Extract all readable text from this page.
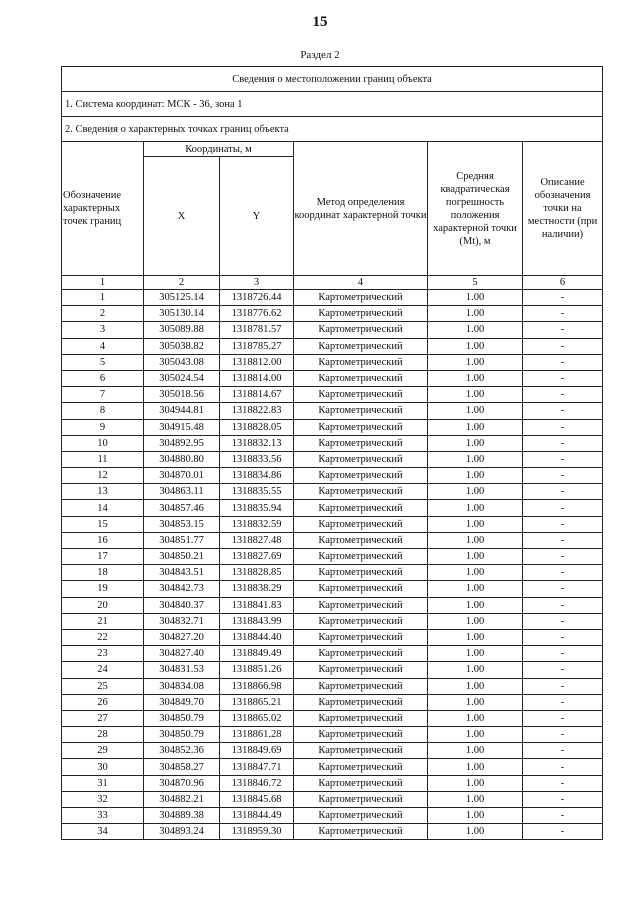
15
Раздел 2
Сведения о местоположении границ объекта					
1. Система координат: МСК - 36, зона 1					
2. Сведения о характерных точках границ объекта					
Обозначение характерных точек границ	Координаты, м		Метод определения координат характерной точки	Средняя квадратическая погрешность положения характерной точки (Mt), м	Описание обозначения точки на местности (при наличии)
	X	Y			
1	2	3	4	5	6
1	305125.14	1318726.44	Картометрический	1.00	-
2	305130.14	1318776.62	Картометрический	1.00	-
3	305089.88	1318781.57	Картометрический	1.00	-
4	305038.82	1318785.27	Картометрический	1.00	-
5	305043.08	1318812.00	Картометрический	1.00	-
6	305024.54	1318814.00	Картометрический	1.00	-
7	305018.56	1318814.67	Картометрический	1.00	-
8	304944.81	1318822.83	Картометрический	1.00	-
9	304915.48	1318828.05	Картометрический	1.00	-
10	304892.95	1318832.13	Картометрический	1.00	-
11	304880.80	1318833.56	Картометрический	1.00	-
12	304870.01	1318834.86	Картометрический	1.00	-
13	304863.11	1318835.55	Картометрический	1.00	-
14	304857.46	1318835.94	Картометрический	1.00	-
15	304853.15	1318832.59	Картометрический	1.00	-
16	304851.77	1318827.48	Картометрический	1.00	-
17	304850.21	1318827.69	Картометрический	1.00	-
18	304843.51	1318828.85	Картометрический	1.00	-
19	304842.73	1318838.29	Картометрический	1.00	-
20	304840.37	1318841.83	Картометрический	1.00	-
21	304832.71	1318843.99	Картометрический	1.00	-
22	304827.20	1318844.40	Картометрический	1.00	-
23	304827.40	1318849.49	Картометрический	1.00	-
24	304831.53	1318851.26	Картометрический	1.00	-
25	304834.08	1318866.98	Картометрический	1.00	-
26	304849.70	1318865.21	Картометрический	1.00	-
27	304850.79	1318865.02	Картометрический	1.00	-
28	304850.79	1318861.28	Картометрический	1.00	-
29	304852.36	1318849.69	Картометрический	1.00	-
30	304858.27	1318847.71	Картометрический	1.00	-
31	304870.96	1318846.72	Картометрический	1.00	-
32	304882.21	1318845.68	Картометрический	1.00	-
33	304889.38	1318844.49	Картометрический	1.00	-
34	304893.24	1318959.30	Картометрический	1.00	-
